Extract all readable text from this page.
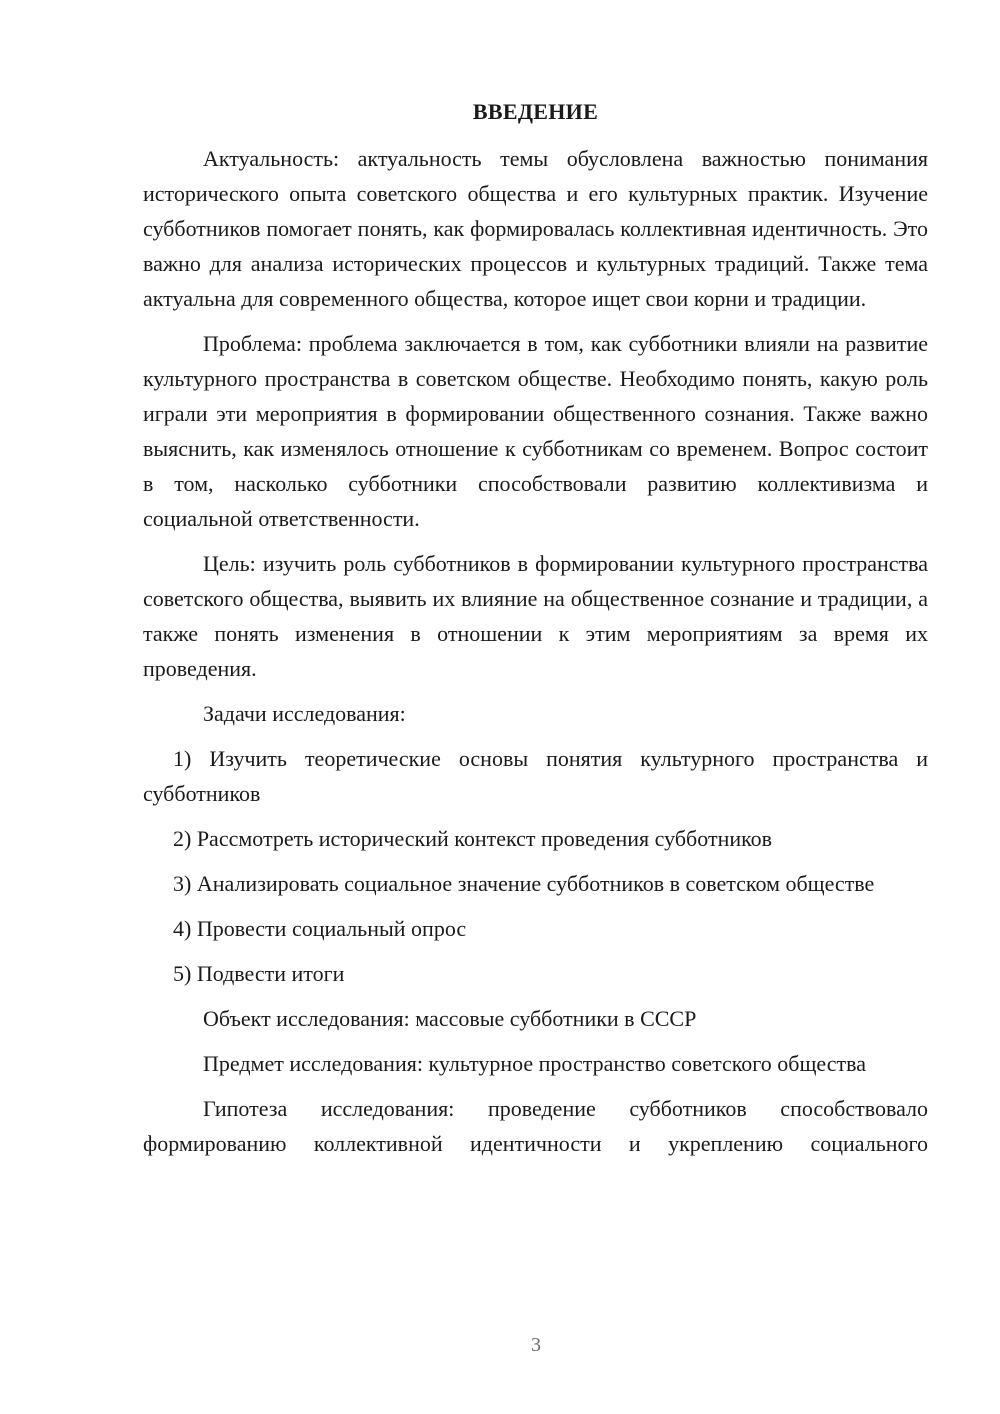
ВВЕДЕНИЕ

Актуальность: актуальность темы обусловлена важностью понимания исторического опыта советского общества и его культурных практик. Изучение субботников помогает понять, как формировалась коллективная идентичность. Это важно для анализа исторических процессов и культурных традиций. Также тема актуальна для современного общества, которое ищет свои корни и традиции.

Проблема: проблема заключается в том, как субботники влияли на развитие культурного пространства в советском обществе. Необходимо понять, какую роль играли эти мероприятия в формировании общественного сознания. Также важно выяснить, как изменялось отношение к субботникам со временем. Вопрос состоит в том, насколько субботники способствовали развитию коллективизма и социальной ответственности.

Цель: изучить роль субботников в формировании культурного пространства советского общества, выявить их влияние на общественное сознание и традиции, а также понять изменения в отношении к этим мероприятиям за время их проведения.

Задачи исследования:

1) Изучить теоретические основы понятия культурного пространства и субботников

2) Рассмотреть исторический контекст проведения субботников

3) Анализировать социальное значение субботников в советском обществе

4) Провести социальный опрос

5) Подвести итоги

Объект исследования: массовые субботники в СССР

Предмет исследования: культурное пространство советского общества

Гипотеза исследования: проведение субботников способствовало формированию коллективной идентичности и укреплению социального

3
